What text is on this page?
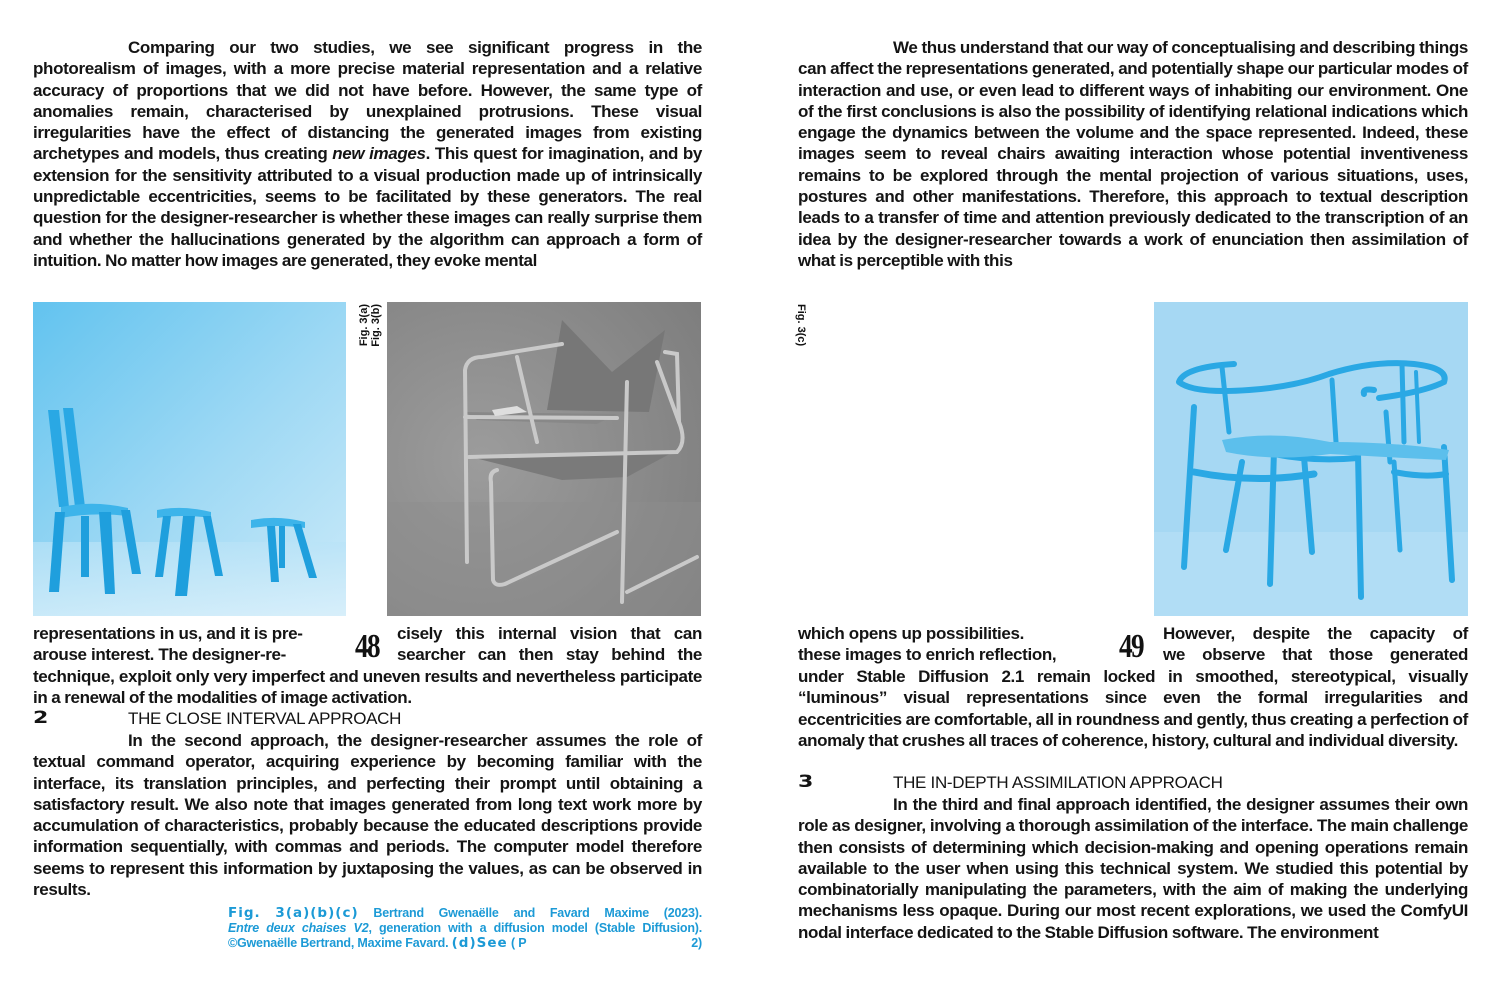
Comparing our two studies, we see significant progress in the photorealism of images, with a more precise material representation and a relative accuracy of proportions that we did not have before. However, the same type of anomalies remain, characterised by unexplained protrusions. These visual irregularities have the effect of distancing the generated images from existing archetypes and models, thus creating new images. This quest for imagination, and by extension for the sensitivity attributed to a visual production made up of intrinsically unpredictable eccentricities, seems to be facilitated by these generators. The real question for the designer-researcher is whether these images can really surprise them and whether the hallucinations generated by the algorithm can approach a form of intuition. No matter how images are generated, they evoke mental
Fig. 3(a) Fig. 3(b)
representations in us, and it is pre-
arouse interest. The designer-re- 48 cisely this internal vision that can
searcher can then stay behind the
technique, exploit only very imperfect and uneven results and nevertheless participate in a renewal of the modalities of image activation.
2	THE CLOSE INTERVAL APPROACH
In the second approach, the designer-researcher assumes the role of textual command operator, acquiring experience by becoming familiar with the interface, its translation principles, and perfecting their prompt until obtaining a satisfactory result. We also note that images generated from long text work more by accumulation of characteristics, probably because the educated descriptions provide information sequentially, with commas and periods. The computer model therefore seems to represent this information by juxtaposing the values, as can be observed in results.
Fig. 3(a)(b)(c) Bertrand Gwenaëlle and Favard Maxime (2023).
Entre deux chaises V2, generation with a diffusion model (Stable Diffusion).
©Gwenaëlle Bertrand, Maxime Favard. (d)See ( P	2)
We thus understand that our way of conceptualising and describing things can affect the representations generated, and potentially shape our particular modes of interaction and use, or even lead to different ways of inhabiting our environment. One of the first conclusions is also the possibility of identifying relational indications which engage the dynamics between the volume and the space represented. Indeed, these images seem to reveal chairs awaiting interaction whose potential inventiveness remains to be explored through the mental projection of various situations, uses, postures and other manifestations. Therefore, this approach to textual description leads to a transfer of time and attention previously dedicated to the transcription of an idea by the designer-researcher towards a work of enunciation then assimilation of what is perceptible with this
Fig. 3(c)
which opens up possibilities.
these images to enrich reflection, 49 However, despite the capacity of
we observe that those generated
under Stable Diffusion 2.1 remain locked in smoothed, stereotypical, visually “luminous” visual representations since even the formal irregularities and eccentricities are comfortable, all in roundness and gently, thus creating a perfection of anomaly that crushes all traces of coherence, history, cultural and individual diversity.
3	THE IN-DEPTH ASSIMILATION APPROACH
In the third and final approach identified, the designer assumes their own role as designer, involving a thorough assimilation of the interface. The main challenge then consists of determining which decision-making and opening operations remain available to the user when using this technical system. We studied this potential by combinatorially manipulating the parameters, with the aim of making the underlying mechanisms less opaque. During our most recent explorations, we used the ComfyUI nodal interface dedicated to the Stable Diffusion software. The environment
